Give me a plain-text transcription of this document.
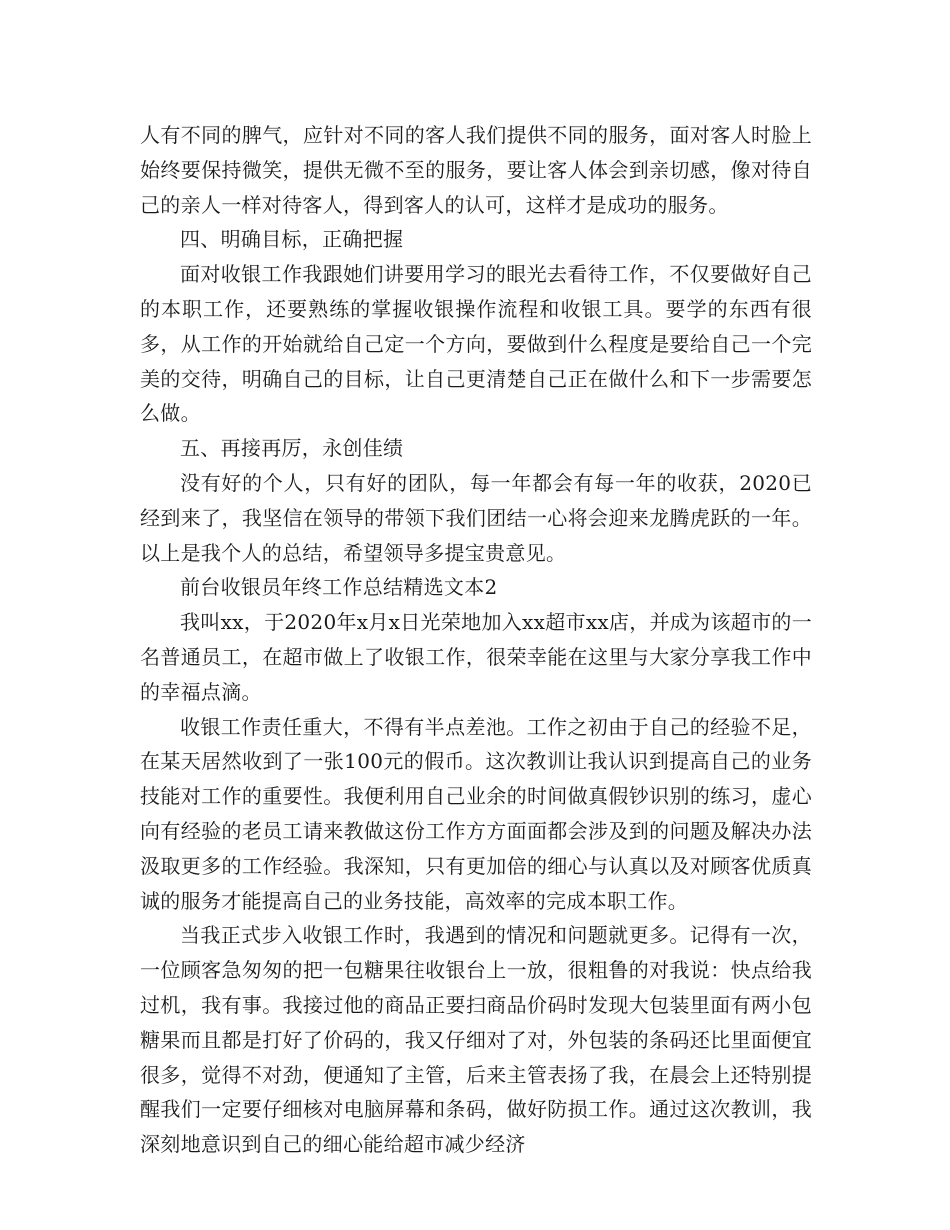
人有不同的脾气，应针对不同的客人我们提供不同的服务，面对客人时脸上始终要保持微笑，提供无微不至的服务，要让客人体会到亲切感，像对待自己的亲人一样对待客人，得到客人的认可，这样才是成功的服务。

四、明确目标，正确把握

面对收银工作我跟她们讲要用学习的眼光去看待工作，不仅要做好自己的本职工作，还要熟练的掌握收银操作流程和收银工具。要学的东西有很多，从工作的开始就给自己定一个方向，要做到什么程度是要给自己一个完美的交待，明确自己的目标，让自己更清楚自己正在做什么和下一步需要怎么做。

五、再接再厉，永创佳绩

没有好的个人，只有好的团队，每一年都会有每一年的收获，2020已经到来了，我坚信在领导的带领下我们团结一心将会迎来龙腾虎跃的一年。以上是我个人的总结，希望领导多提宝贵意见。

前台收银员年终工作总结精选文本2

我叫xx，于2020年x月x日光荣地加入xx超市xx店，并成为该超市的一名普通员工，在超市做上了收银工作，很荣幸能在这里与大家分享我工作中的幸福点滴。

收银工作责任重大，不得有半点差池。工作之初由于自己的经验不足，在某天居然收到了一张100元的假币。这次教训让我认识到提高自己的业务技能对工作的重要性。我便利用自己业余的时间做真假钞识别的练习，虚心向有经验的老员工请来教做这份工作方方面面都会涉及到的问题及解决办法汲取更多的工作经验。我深知，只有更加倍的细心与认真以及对顾客优质真诚的服务才能提高自己的业务技能，高效率的完成本职工作。

当我正式步入收银工作时，我遇到的情况和问题就更多。记得有一次，一位顾客急匆匆的把一包糖果往收银台上一放，很粗鲁的对我说：快点给我过机，我有事。我接过他的商品正要扫商品价码时发现大包装里面有两小包糖果而且都是打好了价码的，我又仔细对了对，外包装的条码还比里面便宜很多，觉得不对劲，便通知了主管，后来主管表扬了我，在晨会上还特别提醒我们一定要仔细核对电脑屏幕和条码，做好防损工作。通过这次教训，我深刻地意识到自己的细心能给超市减少经济
